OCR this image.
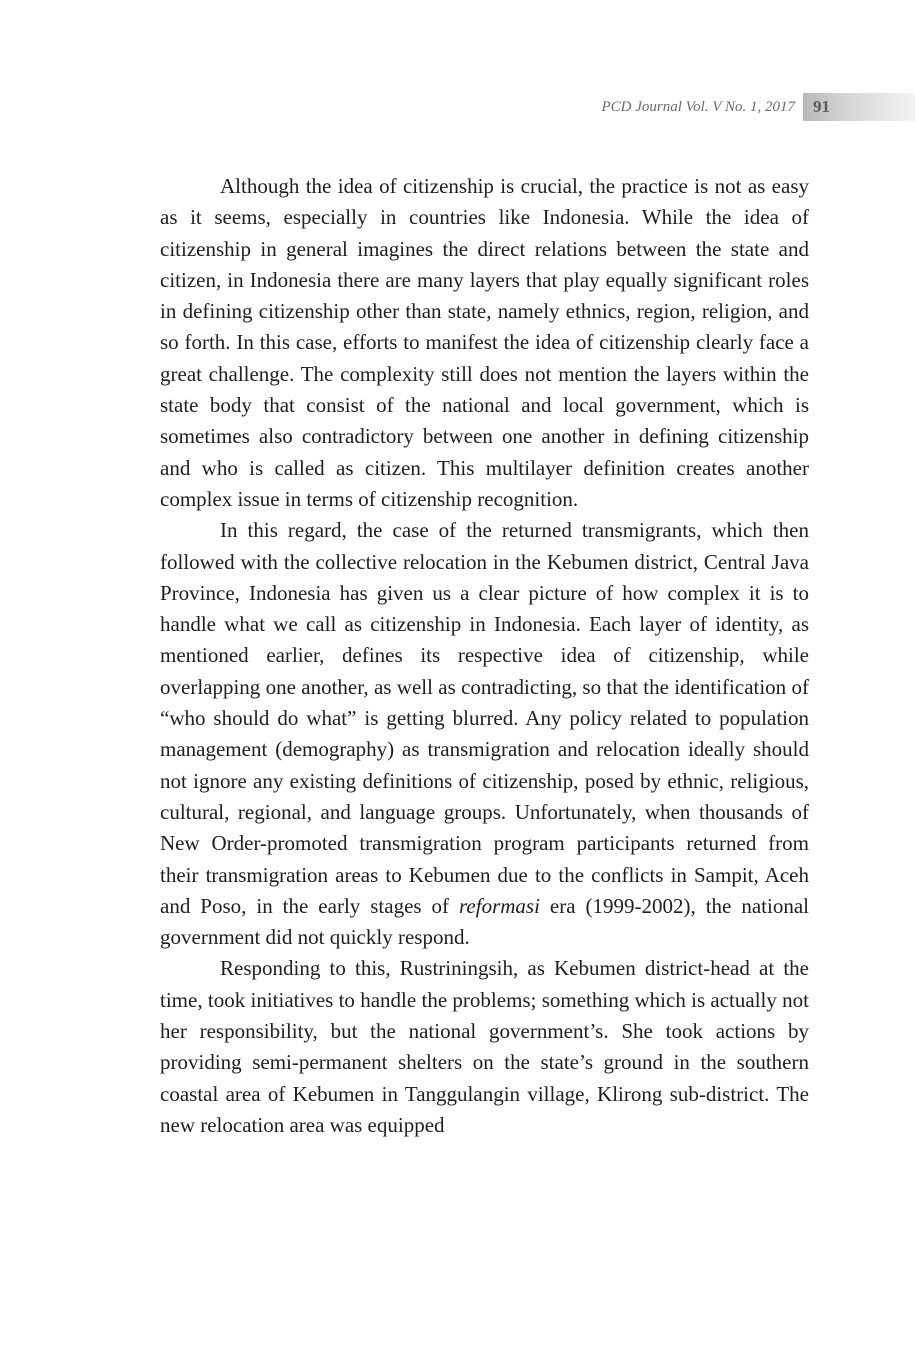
PCD Journal Vol. V No. 1, 2017	91

Although the idea of citizenship is crucial, the practice is not as easy as it seems, especially in countries like Indonesia. While the idea of citizenship in general imagines the direct relations between the state and citizen, in Indonesia there are many layers that play equally significant roles in defining citizenship other than state, namely ethnics, region, religion, and so forth. In this case, efforts to manifest the idea of citizenship clearly face a great challenge. The complexity still does not mention the layers within the state body that consist of the national and local government, which is sometimes also contradictory between one another in defining citizenship and who is called as citizen. This multilayer definition creates another complex issue in terms of citizenship recognition.

In this regard, the case of the returned transmigrants, which then followed with the collective relocation in the Kebumen district, Central Java Province, Indonesia has given us a clear picture of how complex it is to handle what we call as citizenship in Indonesia. Each layer of identity, as mentioned earlier, defines its respective idea of citizenship, while overlapping one another, as well as contradicting, so that the identification of “who should do what” is getting blurred. Any policy related to population management (demography) as transmigration and relocation ideally should not ignore any existing definitions of citizenship, posed by ethnic, religious, cultural, regional, and language groups. Unfortunately, when thousands of New Order-promoted transmigration program participants returned from their transmigration areas to Kebumen due to the conflicts in Sampit, Aceh and Poso, in the early stages of reformasi era (1999-2002), the national government did not quickly respond.

Responding to this, Rustriningsih, as Kebumen district-head at the time, took initiatives to handle the problems; something which is actually not her responsibility, but the national government’s. She took actions by providing semi-permanent shelters on the state’s ground in the southern coastal area of Kebumen in Tanggulangin village, Klirong sub-district. The new relocation area was equipped
